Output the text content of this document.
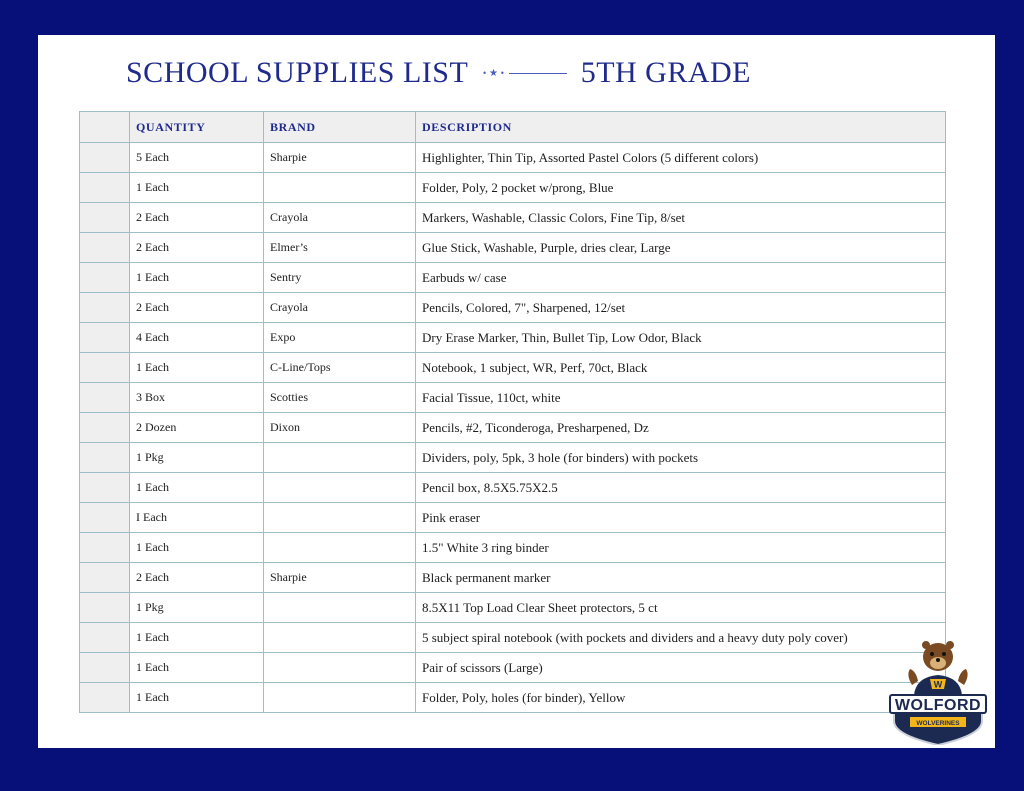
SCHOOL SUPPLIES LIST • ★ •	5TH GRADE
	QUANTITY	BRAND	DESCRIPTION
	5 Each	Sharpie	Highlighter, Thin Tip, Assorted Pastel Colors (5 different colors)
	1 Each		Folder, Poly, 2 pocket w/prong, Blue
	2 Each	Crayola	Markers, Washable, Classic Colors, Fine Tip, 8/set
	2 Each	Elmer’s	Glue Stick, Washable, Purple, dries clear, Large
	1 Each	Sentry	Earbuds w/ case
	2 Each	Crayola	Pencils, Colored, 7", Sharpened, 12/set
	4 Each	Expo	Dry Erase Marker, Thin, Bullet Tip, Low Odor, Black
	1 Each	C-Line/Tops	Notebook, 1 subject, WR, Perf, 70ct, Black
	3 Box	Scotties	Facial Tissue, 110ct, white
	2 Dozen	Dixon	Pencils, #2, Ticonderoga, Presharpened, Dz
	1 Pkg		Dividers, poly, 5pk, 3 hole (for binders) with pockets
	1 Each		Pencil box, 8.5X5.75X2.5
	I Each		Pink eraser
	1 Each		1.5" White 3 ring binder
	2 Each	Sharpie	Black permanent marker
	1 Pkg		8.5X11 Top Load Clear Sheet protectors, 5 ct
	1 Each		5 subject spiral notebook (with pockets and dividers and a heavy duty poly cover)
	1 Each		Pair of scissors (Large)
	1 Each		Folder, Poly, holes (for binder), Yellow
W
WOLFORD
WOLVERINES
